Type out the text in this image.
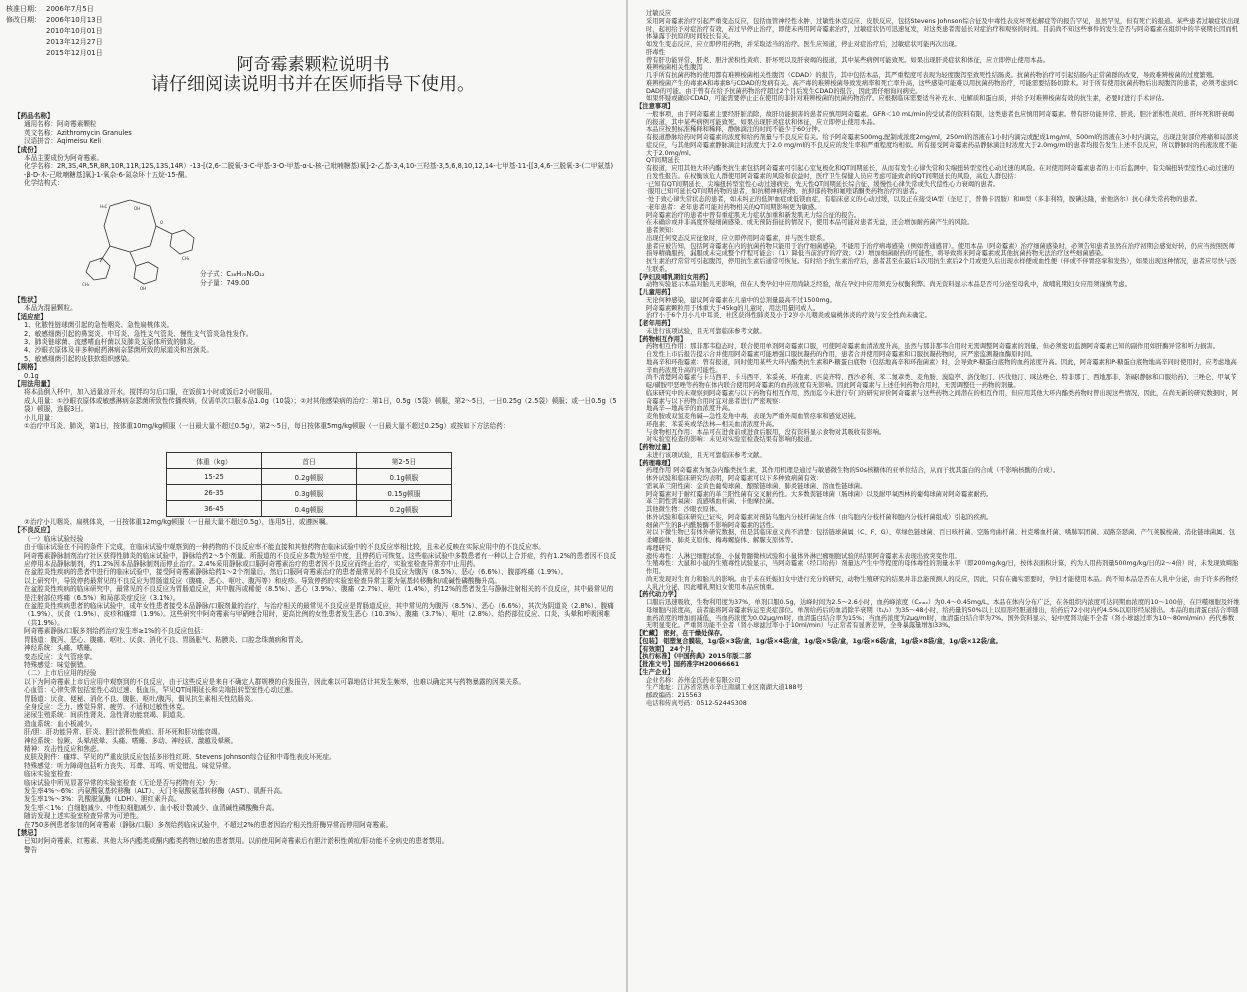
核准日期： 2006年7月5日
修改日期： 2006年10月13日
2010年10月01日
2013年12月27日
2015年12月01日
阿奇霉素颗粒说明书
请仔细阅读说明书并在医师指导下使用。

【药品名称】

通用名称：阿奇霉素颗粒

英文名称：Azithromycin Granules

汉语拼音：Aqimeisu Keli

【成份】

本品主要成份为阿奇霉素。

化学名称：2R,3S,4R,5R,8R,10R,11R,12S,13S,14R）-13-[(2,6-二脱氧-3-C-甲基-3-O-甲基-α-L-核-己吡喃糖基)氧]-2-乙基-3,4,10-三羟基-3,5,6,8,10,12,14-七甲基-11-[[3,4,6-三脱氧-3-(二甲氨基)-β-D-木-己吡喃糖基]氧]-1-氧杂-6-氮杂环十五烷-15-酮。

化学结构式：

H₃C	OH
O
CH₃
OH
CH₃
分子式：C₃₈H₇₂N₂O₁₂
分子量：749.00

【性状】

本品为混悬颗粒。

【适应症】

1、化脓性链球菌引起的急性咽炎、急性扁桃体炎。

2、敏感细菌引起的鼻窦炎、中耳炎、急性支气管炎、慢性支气管炎急性发作。

3、肺炎链球菌、流感嗜血杆菌以及肺炎支原体所致的肺炎。

4、沙眼衣原体及非多种耐药淋病奈瑟菌所致的尿道炎和宫颈炎。

5、敏感细菌引起的皮肤软组织感染。

【规格】

0.1g

【用法用量】

将本品倒入杯中，加入适量凉开水，搅拌均匀后口服，在饭前1小时或饭后2小时服用。

成人用量：①沙眼衣原体或敏感淋病奈瑟菌所致性传播疾病，仅需单次口服本品1.0g（10袋）；②对其他感染病的治疗：第1日，0.5g（5袋）顿服，第2～5日，一日0.25g（2.5袋）顿服；或一日0.5g（5袋）顿服，连服3日。

小儿用量：

①治疗中耳炎、肺炎，第1日，按体重10mg/kg顿服（一日最大量不超过0.5g），第2～5日，每日按体重5mg/kg顿服（一日最大量不超过0.25g）或按如下方法给药：

体重（kg）	首日	第2-5日
15-25	0.2g顿服	0.1g顿服
26-35	0.3g顿服	0.15g顿服
36-45	0.4g顿服	0.2g顿服

②治疗小儿咽炎、扁桃体炎，一日按体重12mg/kg顿服（一日最大量不超过0.5g），连用5日，或遵医嘱。

【不良反应】

（一）临床试验经验

由于临床试验在不同的条件下完成，在临床试验中观察到的一种药物的不良反应率不能直接和其他药物在临床试验中的不良反应率相比较，且未必反映在实际应用中的不良反应率。

阿奇霉素静脉制剂治疗社区获得性肺炎的临床试验中，静脉给药2～5个剂量。所报道的不良反应多数为轻至中度，且停药后可恢复。这些临床试验中多数患者有一种以上合并症，约有1.2%的患者因不良反应停用本品静脉制剂，约1.2%因本品静脉制剂而停止治疗。2.4%采用静脉或口服阿奇霉素治疗的患者因不良反应而终止治疗，实验室检查异常亦中止用药。

在盆腔炎性疾病的患者中进行的临床试验中，接受阿奇霉素静脉给药1～2个剂量后，然后口服阿奇霉素治疗的患者最常见的不良反应为腹泻（8.5%）、恶心（6.6%）、腹部疼痛（1.9%）。

以上研究中，导致停药最常见的不良反应为胃肠道反应（腹痛、恶心、呕吐、腹泻等）和皮疹。导致停药的实验室检查异常主要为氨基转移酶和/或碱性磷酸酶升高。

在盆腔炎性疾病的临床研究中，最常见的不良反应为胃肠道反应，其中腹泻或稀便（8.5%）、恶心（3.9%）、腹痛（2.7%）、呕吐（1.4%），约12%的患者发生与静脉注射相关的不良反应，其中最常见的是注射部位疼痛（6.5%）和局部炎症反应（3.1%）。

在盆腔炎性疾病患者的临床试验中，成年女性患者接受本品静脉/口服剂量的治疗，与治疗相关的最常见不良反应是胃肠道反应，其中常见的为腹泻（8.5%）、恶心（6.6%），其次为阴道炎（2.8%）、腹痛（1.9%）、厌食（1.9%）、皮疹和瘙痒（1.9%）。这些研究中阿奇霉素与甲硝唑合用时，更高比例的女性患者发生恶心（10.3%）、腹痛（3.7%）、呕吐（2.8%）、给药部位反应、口炎、头晕和呼吸困难（共1.9%）。

阿奇霉素静脉/口服多剂给药治疗发生率≥1%的不良反应包括：

胃肠道：腹泻、恶心、腹痛、呕吐、厌食、消化不良、胃肠胀气、粘膜炎、口腔念珠菌病和胃炎。

神经系统：头痛、嗜睡。

变态反应：支气管痉挛。

特殊感觉：味觉倒错。

（二）上市后应用的经验

以下为阿奇霉素上市后应用中观察到的不良反应，由于这些反应是来自不确定人群规模的自发报告，因此难以可靠地估计其发生频率，也难以确定其与药物暴露的因果关系。

心血管：心律失常包括室性心动过速、低血压，罕见QT间期延长和尖端扭转型室性心动过速。

胃肠道：厌食、便秘、消化不良、腹胀、呕吐/腹泻，偶见抗生素相关性结肠炎。

全身反应：乏力、感觉异常、疲劳、不适和过敏性休克。

泌尿生殖系统：间质性肾炎、急性肾功能衰竭、阴道炎。

造血系统：血小板减少。

肝/胆：肝功能异常、肝炎、胆汁淤积性黄疸、肝坏死和肝功能衰竭。

神经系统：惊厥、头晕/眩晕、头痛、嗜睡、多动、神经质、激越及晕厥。

精神：攻击性反应和焦虑。

皮肤及附件：瘙痒、罕见的严重皮肤反应包括多形性红斑、Stevens Johnson综合征和中毒性表皮坏死症。

特殊感觉：听力障碍包括听力丧失、耳聋、耳鸣、听觉错乱、味觉异常。

临床实验室检查：

临床试验中所见显著异常的实验室检查（无论是否与药物有关）为：

发生率4%～6%：丙氨酸氨基转移酶（ALT）、天门冬氨酸氨基转移酶（AST）、肌酐升高。

发生率1%～3%：乳酸脱氢酶（LDH）、胆红素升高。

发生率＜1%：白细胞减少、中性粒细胞减少、血小板计数减少、血清碱性磷酸酶升高。

随访发现上述实验室检查异常为可逆性。

在750多例患者参加的阿奇霉素（静脉/口服）多剂给药临床试验中，不超过2%的患者因治疗相关性肝酶异常而停用阿奇霉素。

【禁忌】

已知对阿奇霉素、红霉素、其他大环内酯类或酮内酯类药物过敏的患者禁用。以前使用阿奇霉素后有胆汁淤积性黄疸/肝功能不全病史的患者禁用。

警告

过敏反应

采用阿奇霉素治疗引起严重变态反应，包括血管神经性水肿、过敏性休克反应、皮肤反应，包括Stevens Johnson综合征及中毒性表皮坏死松解症等的报告罕见，虽然罕见，但有死亡的报道。某些患者过敏症状出现时，起初给予对症治疗有效，若过早停止治疗，即使未再用阿奇霉素治疗，过敏症状仍可迅速复发，对这类患者需延长对症治疗和观察的时间。目前尚不知这些事件的发生是否与阿奇霉素在组织中的半衰期长因而机体暴露于抗原的时间较长有关。

如发生变态反应，应立即停用药物，并采取适当的治疗。医生应知道，停止对症治疗后，过敏症状可能再次出现。

肝毒性

曾有肝功能异常、肝炎、胆汁淤积性黄疸、肝坏死以及肝衰竭的报道，其中某些病例可能致死。如果出现肝炎症状和体征，应立即停止使用本品。

难辨梭菌相关性腹泻

几乎所有抗菌药物的使用都有难辨梭菌相关性腹泻（CDAD）的报告，其中包括本品，其严重程度可表现为轻度腹泻至致死性结肠炎。抗菌药物治疗可引起结肠内正常菌群的改变，导致难辨梭菌的过度繁殖。

难辨梭菌产生的毒素A和毒素B与CDAD的发病有关。高产毒的难辨梭菌导致发病率和死亡率升高，这些感染可能难以用抗菌药物治疗，可能需要结肠切除术。对于所有使用抗菌药物后出现腹泻的患者，必须考虑到CDAD的可能。由于曾有在给予抗菌药物治疗超过2个月后发生CDAD的报告，因此需仔细询问病史。

如果怀疑或确诊CDAD，可能需要停止正在使用的非针对难辨梭菌的抗菌药物治疗。应根据临床需要适当补充水、电解质和蛋白质，并给予对难辨梭菌有效的抗生素，必要时进行手术评估。

【注意事项】

一般事项，由于阿奇霉素主要经肝脏消除，故肝功能损害的患者应慎用阿奇霉素。GFR＜10 mL/min的受试者的资料有限，这类患者也应慎用阿奇霉素。曾有肝功能异常、肝炎、胆汁淤积性黄疸、肝坏死和肝衰竭的报道，其中某些病例可能致死。如果出现肝炎症状和体征，应立即停止使用本品。

本品应按照标准稀释和稀释，静脉滴注的时间不能少于60分钟。

有报道静脉给药时阿奇霉素的浓度和给药剂量与不良反应有关。给予阿奇霉素500mg,配制成浓度2mg/ml，250ml的溶液在1小时内滴完或配成1mg/ml，500ml的溶液在3小时内滴完，出现注射部位疼痛和局部炎症反应，与其他阿奇霉素静脉滴注时浓度大于2.0 mg/ml的不良反应的发生率和严重程度均相似。所有接受阿奇霉素药品静脉滴注时浓度大于2.0mg/ml的患者均报告发生上述不良反应，所以静脉时的药液浓度不能大于2.0mg/ml。

QT间期延长

有报道，应用其他大环内酯类抗生素包括阿奇霉素可引起心室复极化和QT间期延长，从而有发生心律失常和尖端扭转型室性心动过速的风险。在对使用阿奇霉素患者的上市后监测中，有尖端扭转型室性心动过速的自发性报告。在权衡该危人群使用阿奇霉素的风险和获益时，医疗卫生保健人员应考虑可能致命的QT间期延长的风险，高危人群包括：

·已知有QT间期延长、尖端扭转型室性心动过速病史、先天性QT间期延长综合征、缓慢性心律失常或失代偿性心力衰竭的患者。

·服用已知可延长QT间期药物的患者，如抗精神病药物、抗抑郁药物和氟喹诺酮类药物治疗的患者。

·处于致心律失常状态的患者，如未纠正的低钾血症或低镁血症，有临床意义的心动过缓，以及正在接受IA型（奎尼丁，普鲁卡因胺）和III型（多非利特，胺碘达隆，索他洛尔）抗心律失常药物的患者。

·老年患者：老年患者可能对药物相关的QT间期影响更为敏感。

阿奇霉素治疗的患者中曾有重症肌无力症状加重和新发肌无力综合征的报告。

在未确诊或并非高度怀疑细菌感染、或无预防指征的情况下，使用本品可能对患者无益，还会增加耐药菌产生的风险。

患者须知:

出现任何变态反应征象时，应立即停用阿奇霉素，并与医生联系。

患者应被告知，包括阿奇霉素在内的抗菌药物只能用于治疗细菌感染，不能用于治疗病毒感染（例如普通感冒）。使用本品（阿奇霉素）治疗细菌感染时，必须告知患者虽然在治疗初期会感觉好转，仍应当按照医师指导精确服药，漏服或未完成整个疗程可能会：（1）降低当前治疗的疗效；（2）增加细菌耐药的可能性，将导致将来阿奇霉素或其他抗菌药物无法治疗这些细菌感染。

抗生素治疗常常可引起腹泻，停用抗生素后通常可恢复。有时给予抗生素治疗后，患者甚至在最后1次用抗生素后2个月或更久后出现水样便或血性便（伴或不伴胃痉挛和发热），如果出现这种情况，患者应尽快与医生联系。

【孕妇及哺乳期妇女用药】

动物实验显示本品对胎儿无影响，但在人类孕妇中应用尚缺乏经验，故在孕妇中应用须充分权衡利弊。尚无资料显示本品是否可分泌至母乳中，故哺乳期妇女应用须谨慎考虑。

【儿童用药】

无论何种感染，建议阿奇霉素在儿童中的总剂量最高不过1500mg。

阿奇霉素颗粒用于体重大于45kg的儿童时，用法用量同成人。

治疗小于6个月小儿中耳炎、社区获得性肺炎及小于2岁小儿咽炎或扁桃体炎的疗效与安全性尚未确定。

【老年用药】

未进行该项试验，且无可靠临床参考文献。

【药物相互作用】

药物相互作用：那非那韦稳态时，联合使用单剂阿奇霉素口服，可使阿奇霉素血清浓度升高，虽然与那非那韦合用时无需调整阿奇霉素的剂量，但必须密切监测阿奇霉素已知的副作用如肝酶异常和听力损害。

自发性上市后报告提示合并使用阿奇霉素可能增强口服抗凝药的作用，患者合并使用阿奇霉素和口服抗凝药物时，应严密监测凝血酶原时间。

地高辛和环孢霉素：曾有报道，同时使用某些大环内酯类抗生素和P-糖蛋白底物（包括地高辛和环孢菌素）时，会导致P-糖蛋白底物的血药浓度升高。因此，阿奇霉素和P-糖蛋白底物地高辛同时使用时，应考虑地高辛血药浓度升高的可能性。

尚不清楚阿奇霉素与卡马西平、卡马西平、苯妥英、环孢素、匹莫齐特、西沙必利、苯二氮䓬类、麦角胺、溴隐亭、洛伐他汀、匹伐他汀、咪达唑仑、特非那丁、西地那非、茶碱(静脉和口服给药)、三唑仑、甲氧苄啶/磺胺甲恶唑等药物在体内联合使用阿奇霉素的血药浓度有无影响。因此阿奇霉素与上述任何药物合用时，无需调整任一药物的剂量。

临床研究中的未观察到阿奇霉素与以下药物有相互作用，然而迄今未进行专门的研究评价阿奇霉素与这些药物之间潜在的相互作用，但应用其他大环内酯类药物时曾出现这些情况，因此，在尚无新的研究数据时，阿奇霉素与以下药物合用时宜对患者进行严密观察：

地高辛—地高辛的血浓度升高。

麦角胺或双氢麦角碱—急性麦角中毒，表现为严重外周血管痉挛和感觉迟钝。

环孢素、苯妥英或华法林—相关血清浓度升高。

与食物相互作用：本品可在进食前或进食后服用，没有资料显示食物对其吸收有影响。

对实验室检查的影响：未见对实验室检查结果有影响的报道。

【药物过量】

未进行该项试验，且无可靠临床参考文献。

【药理毒理】

药理作用 阿奇霉素为氮杂内酯类抗生素，其作用机理是通过与敏感微生物的50s核糖体的亚单位结合，从而干扰其蛋白的合成（不影响核酸的合成）。

体外试验和临床研究均表明，阿奇霉素可以下多种致病菌有效：

需氧革兰阳性菌：金黄色葡萄球菌、酿脓链球菌、肺炎链球菌、溶血性链球菌。

阿奇霉素对于耐红霉素的革兰阳性菌有交叉耐药性。大多数粪链球菌（肠球菌）以及耐甲氧西林的葡萄球菌对阿奇霉素耐药。

革兰阴性需氧菌：流感嗜血杆菌、卡他摩拉菌。

其他微生物：沙眼衣原体。

体外试验和临床研究已证实，阿奇霉素对预防鸟胞内分枝杆菌复合体（由鸟胞内分枝杆菌和胞内分枝杆菌组成）引起的疾病。

细菌产生的β-内酰胺酶不影响阿奇霉素的活性。

对以下微生物已有体外研究数据，但是其临床意义尚不清楚：包括链球菌属（C、F、G）、草绿色链球菌、百日咳杆菌、空肠弯曲杆菌、杜克嗜血杆菌、嗜肺军团菌、双路奈瑟菌、产气荚膜梭菌、消化链球菌属、包柔螺旋体、肺炎支原体、梅毒螺旋体、解脲支原体等。

毒理研究

遗传毒性：人淋巴细胞试验、小鼠骨髓微核试验和小鼠体外淋巴瘤细胞试验的结果阿奇霉素未表现出致突变作用。

生殖毒性：大鼠和小鼠的生殖毒性试验显示，当阿奇霉素（经口给药）剂量达产生中等程度的母体毒性的剂量水平（即200mg/kg/日，按体表面积计算，约为人用药剂量500mg/kg/日的2～4倍）时，未发现致畸胎作用。

尚无发现对生育力和胎儿的影响。由于未在妊娠妇女中进行充分的研究，动物生殖研究的结果并非总能预测人的反应，因此，只有在确实需要时，孕妇才能使用本品。尚不知本品是否在人乳中分泌，由于许多药物经人乳汁分泌，因此哺乳期妇女使用本品应慎重。

【药代动力学】

口服后迅速吸收，生物利用度为37%，单剂口服0.5g，达峰时间为2.5～2.6小时，血药峰浓度（Cₘₐₓ）为0.4～0.45mg/L。本品在体内分布广泛，在各组织内浓度可达同期血浓度的10～100倍，在巨噬细胞及纤维母细胞内浓度高，前者能将阿奇霉素转运至炎症部位。单剂给药后的血消除半衰期（t₁/₂）为35～48小时，给药量的50%以上以原形经胆道排出，给药后72小时内约4.5%以原形经尿排出。本品的血清蛋白结合率随血药浓度的增加而减低，当血药浓度为0.02μg/ml时，血清蛋白结合率为15%；当血药浓度为2μg/ml时，血清蛋白结合率为7%。国外资料显示，轻中度肾功能不全者（肾小球滤过率为10～80ml/min）药代参数无明显变化。严重肾功能不全者（肾小球滤过率小于10ml/min）与正常者有显著差异，全身暴露量增加33%。

【贮藏】 密封，在干燥处保存。

【包装】 铝塑复合膜装，1g/袋×3袋/盒，1g/袋×4袋/盒，1g/袋×5袋/盒，1g/袋×6袋/盒，1g/袋×8袋/盒，1g/袋×12袋/盒。

【有效期】 24个月。

【执行标准】《中国药典》2015年版二部

【批准文号】国药准字H20066661

【生产企业】

企业名称：苏州金氏药业有限公司

生产地址：江苏省常熟市辛庄南湖工业区南湖大道188号

邮政编码：215563

电话和传真号码：0512-52445308
